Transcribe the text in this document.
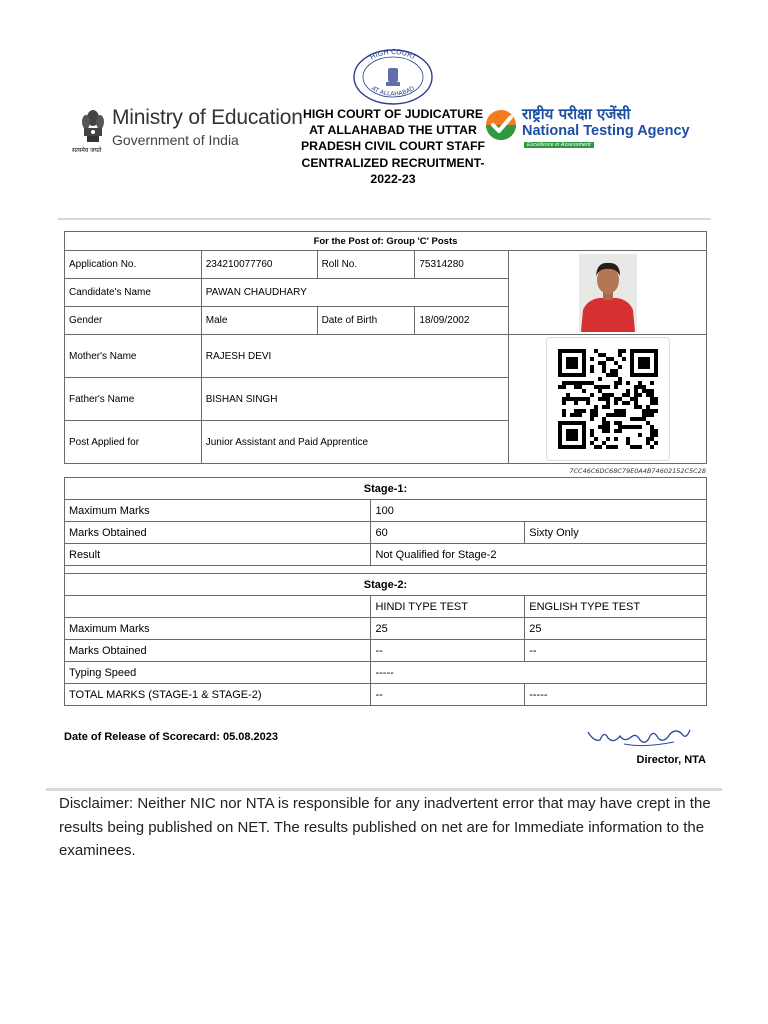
सत्यमेव जयते
Ministry of Education
Government of India
HIGH COURT
AT ALLAHABAD
HIGH COURT OF JUDICATURE AT ALLAHABAD THE UTTAR PRADESH CIVIL COURT STAFF CENTRALIZED RECRUITMENT- 2022-23
राष्ट्रीय परीक्षा एजेंसी
National Testing Agency
Excellence in Assessment
For the Post of: Group 'C' Posts				
Application No.	234210077760	Roll No.	75314280	

Candidate's Name	PAWAN CHAUDHARY			
Gender	Male	Date of Birth	18/09/2002	
Mother's Name	RAJESH DEVI	

Father's Name	BISHAN SINGH			
Post Applied for	Junior Assistant and Paid Apprentice			
7CC46C6DC68C79E0A4B74602152C5C28
Stage-1:		
Maximum Marks	100	
Marks Obtained	60	Sixty Only
Result	Not Qualified for Stage-2	

Stage-2:		
	HINDI TYPE TEST	ENGLISH TYPE TEST
Maximum Marks	25	25
Marks Obtained	--	--
Typing Speed	-----	
TOTAL MARKS (STAGE-1 & STAGE-2)	--	-----
Date of Release of Scorecard: 05.08.2023
Director, NTA
Disclaimer: Neither NIC nor NTA is responsible for any inadvertent error that may have crept in the results being published on NET. The results published on net are for Immediate information to the examinees.
